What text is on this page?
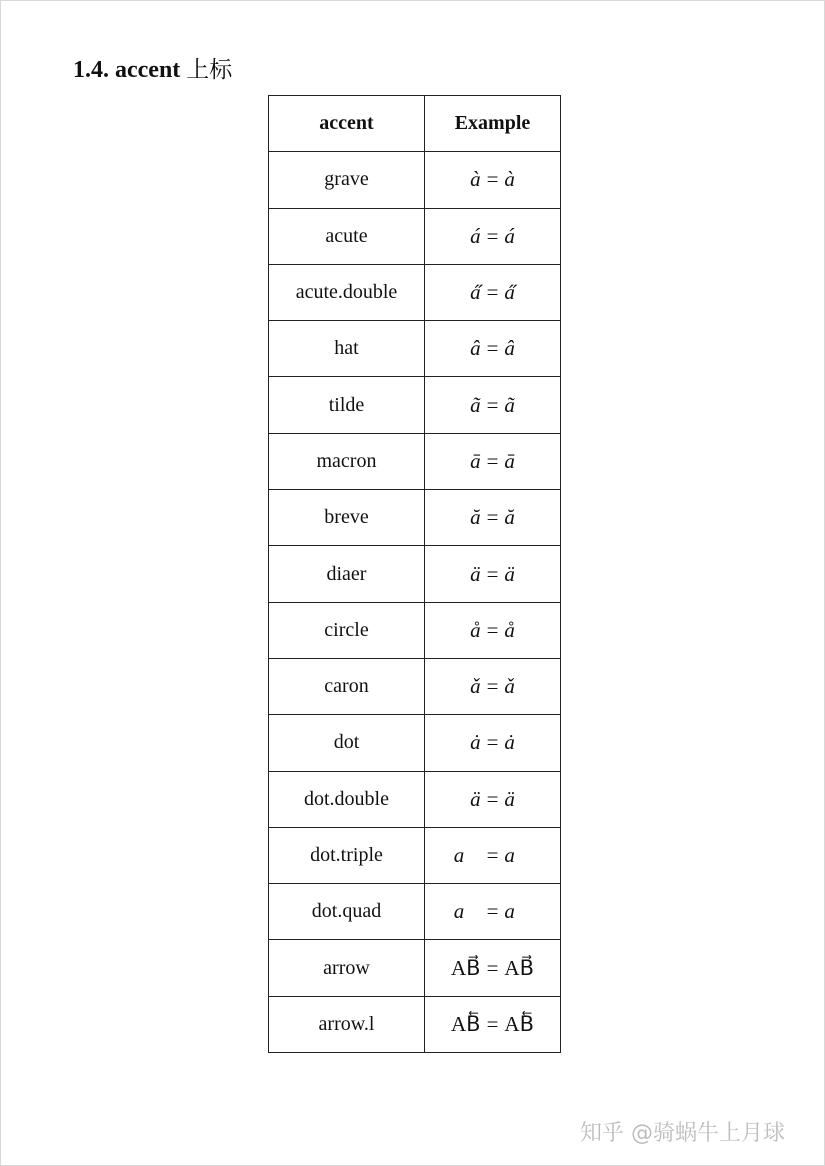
1.4. accent 上标
accent	Example
grave	à = à
acute	á = á
acute.double	a̋ = a̋
hat	â = â
tilde	ã = ã
macron	ā = ā
breve	ă = ă
diaer	ä = ä
circle	å = å
caron	ǎ = ǎ
dot	ȧ = ȧ
dot.double	ä = ä
dot.triple	a⃛ = a⃛
dot.quad	a⃜ = a⃜
arrow	AB⃗ = AB⃗
arrow.l	AB⃖ = AB⃖
知乎 @骑蜗牛上月球
